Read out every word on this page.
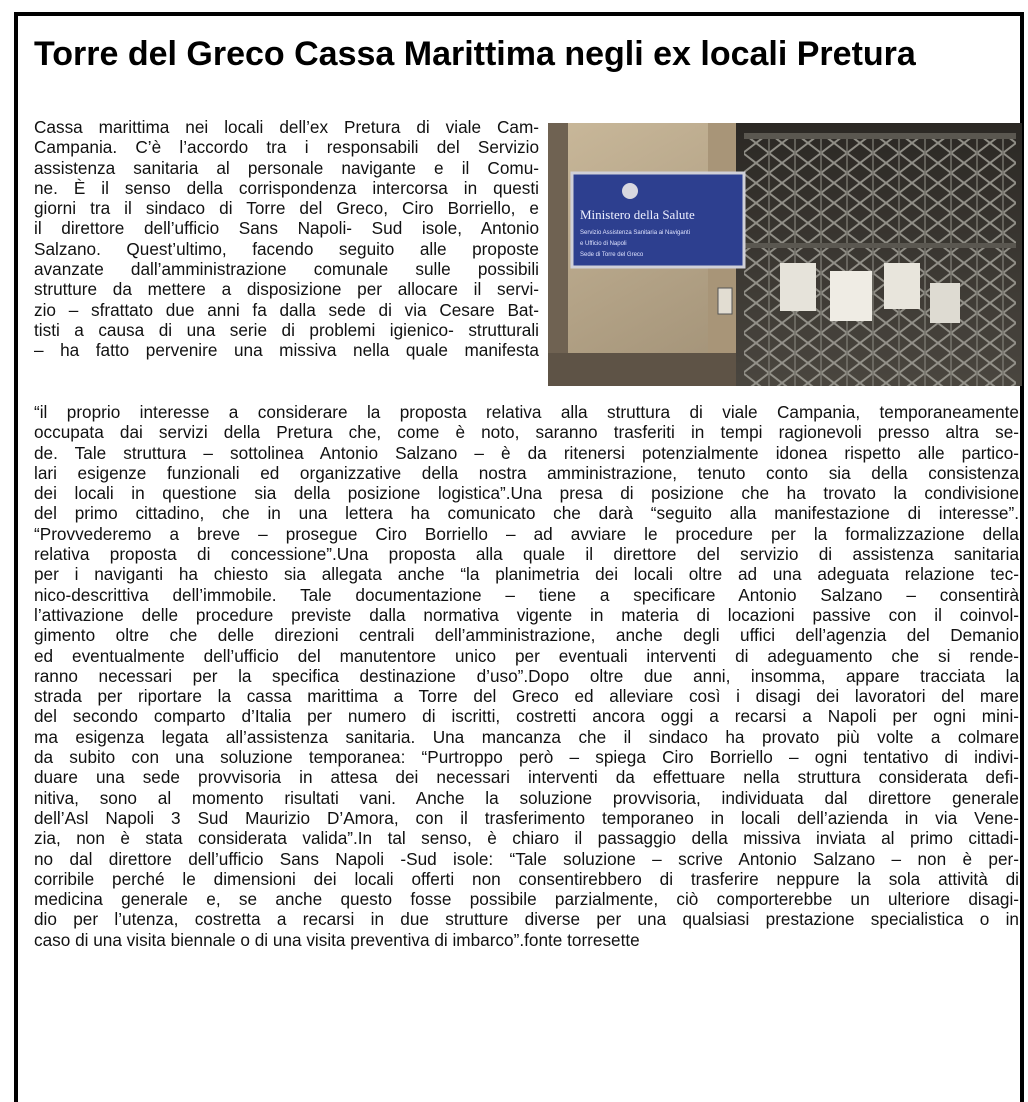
Torre del Greco Cassa Marittima negli ex locali Pretura
Ministero della Salute
Servizio Assistenza Sanitaria ai Naviganti
e Ufficio di Napoli
Sede di Torre del Greco
Cassa marittima nei locali dell’ex Pretura di viale Cam-
Campania. C’è l’accordo tra i responsabili del Servizio
assistenza sanitaria al personale navigante e il Comu-
ne. È il senso della corrispondenza intercorsa in questi
giorni tra il sindaco di Torre del Greco, Ciro Borriello, e
il direttore dell’ufficio Sans Napoli- Sud isole, Antonio
Salzano. Quest’ultimo, facendo seguito alle proposte
avanzate dall’amministrazione comunale sulle possibili
strutture da mettere a disposizione per allocare il servi-
zio – sfrattato due anni fa dalla sede di via Cesare Bat-
tisti a causa di una serie di problemi igienico- strutturali
– ha fatto pervenire una missiva nella quale manifesta
“il proprio interesse a considerare la proposta relativa alla struttura di viale Campania, temporaneamente
occupata dai servizi della Pretura che, come è noto, saranno trasferiti in tempi ragionevoli presso altra se-
de. Tale struttura – sottolinea Antonio Salzano – è da ritenersi potenzialmente idonea rispetto alle partico-
lari esigenze funzionali ed organizzative della nostra amministrazione, tenuto conto sia della consistenza
dei locali in questione sia della posizione logistica”.Una presa di posizione che ha trovato la condivisione
del primo cittadino, che in una lettera ha comunicato che darà “seguito alla manifestazione di interesse”.
“Provvederemo a breve – prosegue Ciro Borriello – ad avviare le procedure per la formalizzazione della
relativa proposta di concessione”.Una proposta alla quale il direttore del servizio di assistenza sanitaria
per i naviganti ha chiesto sia allegata anche “la planimetria dei locali oltre ad una adeguata relazione tec-
nico-descrittiva dell’immobile. Tale documentazione – tiene a specificare Antonio Salzano – consentirà
l’attivazione delle procedure previste dalla normativa vigente in materia di locazioni passive con il coinvol-
gimento oltre che delle direzioni centrali dell’amministrazione, anche degli uffici dell’agenzia del Demanio
ed eventualmente dell’ufficio del manutentore unico per eventuali interventi di adeguamento che si rende-
ranno necessari per la specifica destinazione d’uso”.Dopo oltre due anni, insomma, appare tracciata la
strada per riportare la cassa marittima a Torre del Greco ed alleviare così i disagi dei lavoratori del mare
del secondo comparto d’Italia per numero di iscritti, costretti ancora oggi a recarsi a Napoli per ogni mini-
ma esigenza legata all’assistenza sanitaria. Una mancanza che il sindaco ha provato più volte a colmare
da subito con una soluzione temporanea: “Purtroppo però – spiega Ciro Borriello – ogni tentativo di indivi-
duare una sede provvisoria in attesa dei necessari interventi da effettuare nella struttura considerata defi-
nitiva, sono al momento risultati vani. Anche la soluzione provvisoria, individuata dal direttore generale
dell’Asl Napoli 3 Sud Maurizio D’Amora, con il trasferimento temporaneo in locali dell’azienda in via Vene-
zia, non è stata considerata valida”.In tal senso, è chiaro il passaggio della missiva inviata al primo cittadi-
no dal direttore dell’ufficio Sans Napoli -Sud isole: “Tale soluzione – scrive Antonio Salzano – non è per-
corribile perché le dimensioni dei locali offerti non consentirebbero di trasferire neppure la sola attività di
medicina generale e, se anche questo fosse possibile parzialmente, ciò comporterebbe un ulteriore disagi-
dio per l’utenza, costretta a recarsi in due strutture diverse per una qualsiasi prestazione specialistica o in
caso di una visita biennale o di una visita preventiva di imbarco”.fonte torresette
